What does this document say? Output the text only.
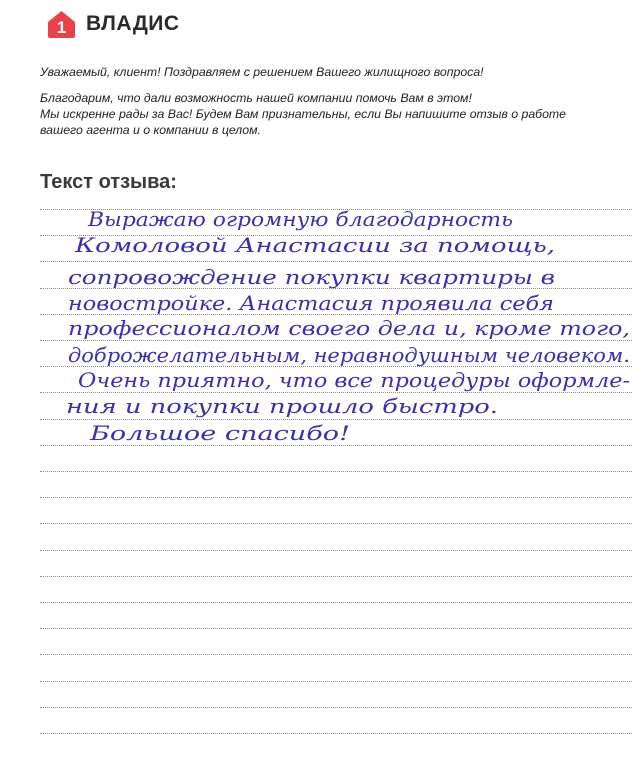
1 ВЛАДИС
Уважаемый, клиент! Поздравляем с решением Вашего жилищного вопроса!
Благодарим, что дали возможность нашей компании помочь Вам в этом!
Мы искренне рады за Вас! Будем Вам признательны, если Вы напишите отзыв о работе
вашего агента и о компании в целом.
Текст отзыва:
Выражаю огромную благодарность
Комоловой Анастасии за помощь,
сопровождение покупки квартиры в
новостройке. Анастасия проявила себя
профессионалом своего дела и, кроме того,
доброжелательным, неравнодушным человеком.
Очень приятно, что все процедуры оформле-
ния и покупки прошло быстро.
Большое спасибо!
